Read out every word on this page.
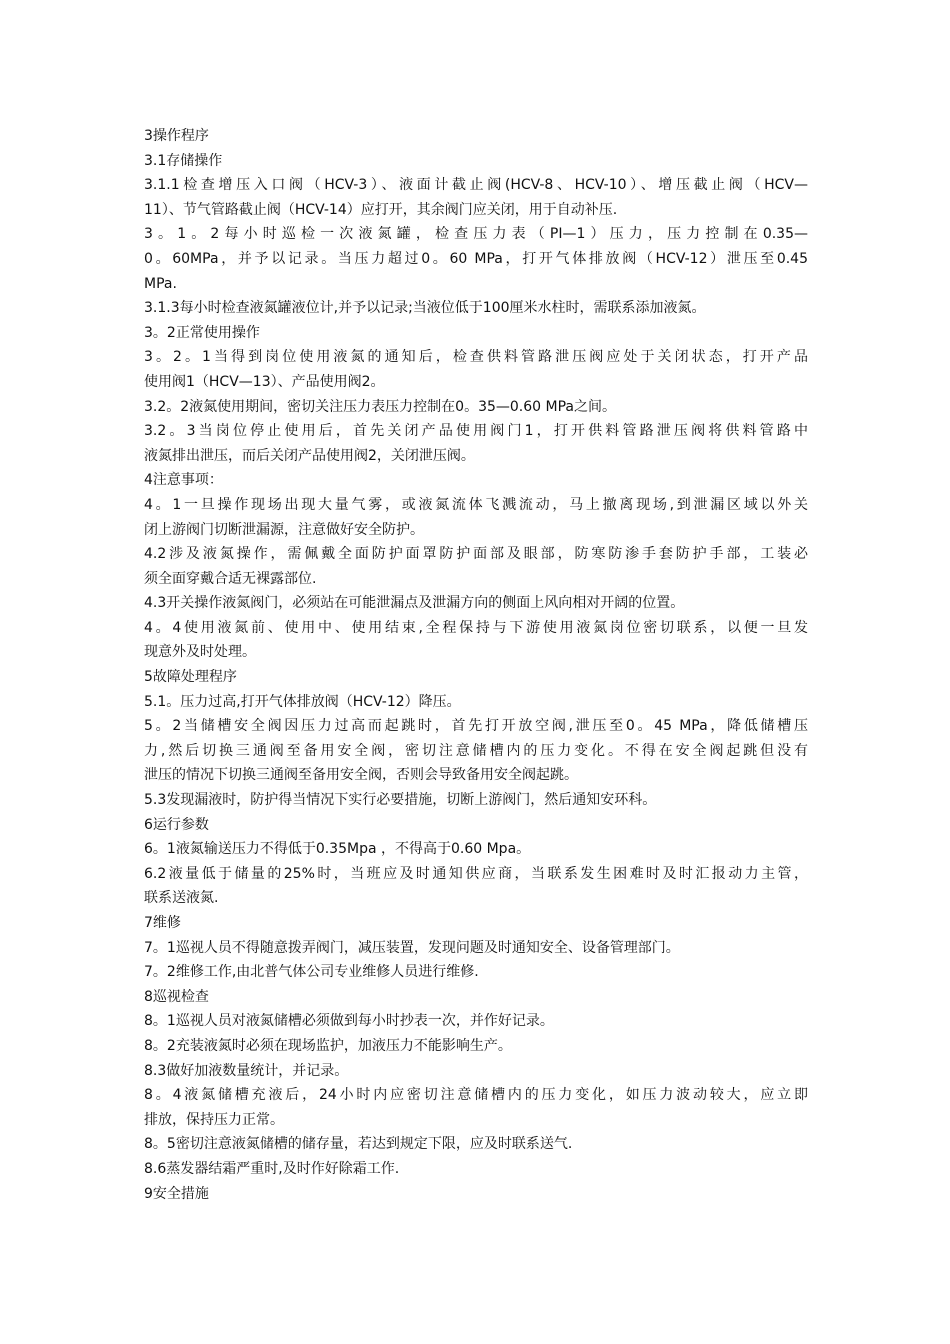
3操作程序
3.1存储操作
3.1.1检查增压入口阀（HCV-3）、液面计截止阀(HCV-8、HCV-10）、增压截止阀（HCV—
11）、节气管路截止阀（HCV-14）应打开，其余阀门应关闭，用于自动补压.
3。1。2每小时巡检一次液氮罐，检查压力表（PI—1）压力，压力控制在0.35—
0。60MPa，并予以记录。当压力超过0。60 MPa，打开气体排放阀（HCV-12）泄压至0.45
MPa.
3.1.3每小时检查液氮罐液位计,并予以记录;当液位低于100厘米水柱时，需联系添加液氮。
3。2正常使用操作
3。2。1当得到岗位使用液氮的通知后，检查供料管路泄压阀应处于关闭状态，打开产品
使用阀1（HCV—13）、产品使用阀2。
3.2。2液氮使用期间，密切关注压力表压力控制在0。35—0.60 MPa之间。
3.2。3当岗位停止使用后，首先关闭产品使用阀门1，打开供料管路泄压阀将供料管路中
液氮排出泄压，而后关闭产品使用阀2，关闭泄压阀。
4注意事项：
4。1一旦操作现场出现大量气雾，或液氮流体飞溅流动，马上撤离现场,到泄漏区域以外关
闭上游阀门切断泄漏源，注意做好安全防护。
4.2涉及液氮操作，需佩戴全面防护面罩防护面部及眼部，防寒防渗手套防护手部，工装必
须全面穿戴合适无裸露部位.
4.3开关操作液氮阀门，必须站在可能泄漏点及泄漏方向的侧面上风向相对开阔的位置。
4。4使用液氮前、使用中、使用结束,全程保持与下游使用液氮岗位密切联系，以便一旦发
现意外及时处理。
5故障处理程序
5.1。压力过高,打开气体排放阀（HCV-12）降压。
5。2当储槽安全阀因压力过高而起跳时，首先打开放空阀,泄压至0。45 MPa，降低储槽压
力,然后切换三通阀至备用安全阀，密切注意储槽内的压力变化。不得在安全阀起跳但没有
泄压的情况下切换三通阀至备用安全阀，否则会导致备用安全阀起跳。
5.3发现漏液时，防护得当情况下实行必要措施，切断上游阀门，然后通知安环科。
6运行参数
6。1液氮输送压力不得低于0.35Mpa ，不得高于0.60 Mpa。
6.2液量低于储量的25%时，当班应及时通知供应商，当联系发生困难时及时汇报动力主管，
联系送液氮.
7维修
7。1巡视人员不得随意拨弄阀门，减压装置，发现问题及时通知安全、设备管理部门。
7。2维修工作,由北普气体公司专业维修人员进行维修.
8巡视检查
8。1巡视人员对液氮储槽必须做到每小时抄表一次，并作好记录。
8。2充装液氮时必须在现场监护，加液压力不能影响生产。
8.3做好加液数量统计，并记录。
8。4液氮储槽充液后，24小时内应密切注意储槽内的压力变化，如压力波动较大，应立即
排放，保持压力正常。
8。5密切注意液氮储槽的储存量，若达到规定下限，应及时联系送气.
8.6蒸发器结霜严重时,及时作好除霜工作.
9安全措施
